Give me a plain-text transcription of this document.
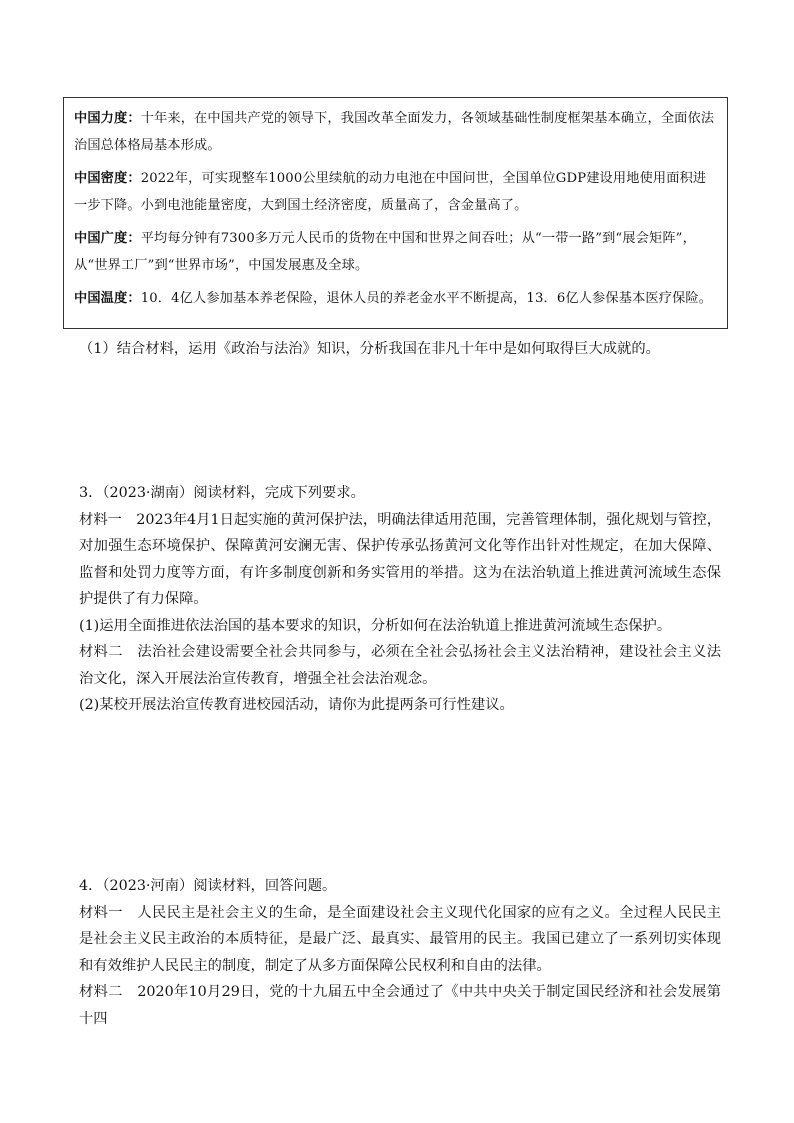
中国力度：十年来，在中国共产党的领导下，我国改革全面发力，各领域基础性制度框架基本确立，全面依法治国总体格局基本形成。

中国密度：2022年，可实现整车1000公里续航的动力电池在中国问世，全国单位GDP建设用地使用面积进一步下降。小到电池能量密度，大到国土经济密度，质量高了，含金量高了。

中国广度：平均每分钟有7300多万元人民币的货物在中国和世界之间吞吐；从“一带一路”到“展会矩阵”，从“世界工厂”到“世界市场”，中国发展惠及全球。

中国温度：10．4亿人参加基本养老保险，退休人员的养老金水平不断提高，13．6亿人参保基本医疗保险。

（1）结合材料，运用《政治与法治》知识，分析我国在非凡十年中是如何取得巨大成就的。

3．（2023·湖南）阅读材料，完成下列要求。

材料一　2023年4月1日起实施的黄河保护法，明确法律适用范围，完善管理体制，强化规划与管控，对加强生态环境保护、保障黄河安澜无害、保护传承弘扬黄河文化等作出针对性规定，在加大保障、监督和处罚力度等方面，有许多制度创新和务实管用的举措。这为在法治轨道上推进黄河流域生态保护提供了有力保障。

(1)运用全面推进依法治国的基本要求的知识，分析如何在法治轨道上推进黄河流域生态保护。

材料二　法治社会建设需要全社会共同参与，必须在全社会弘扬社会主义法治精神，建设社会主义法治文化，深入开展法治宣传教育，增强全社会法治观念。

(2)某校开展法治宣传教育进校园活动，请你为此提两条可行性建议。

4．（2023·河南）阅读材料，回答问题。

材料一　人民民主是社会主义的生命，是全面建设社会主义现代化国家的应有之义。全过程人民民主是社会主义民主政治的本质特征，是最广泛、最真实、最管用的民主。我国已建立了一系列切实体现和有效维护人民民主的制度，制定了从多方面保障公民权利和自由的法律。

材料二　2020年10月29日，党的十九届五中全会通过了《中共中央关于制定国民经济和社会发展第十四
